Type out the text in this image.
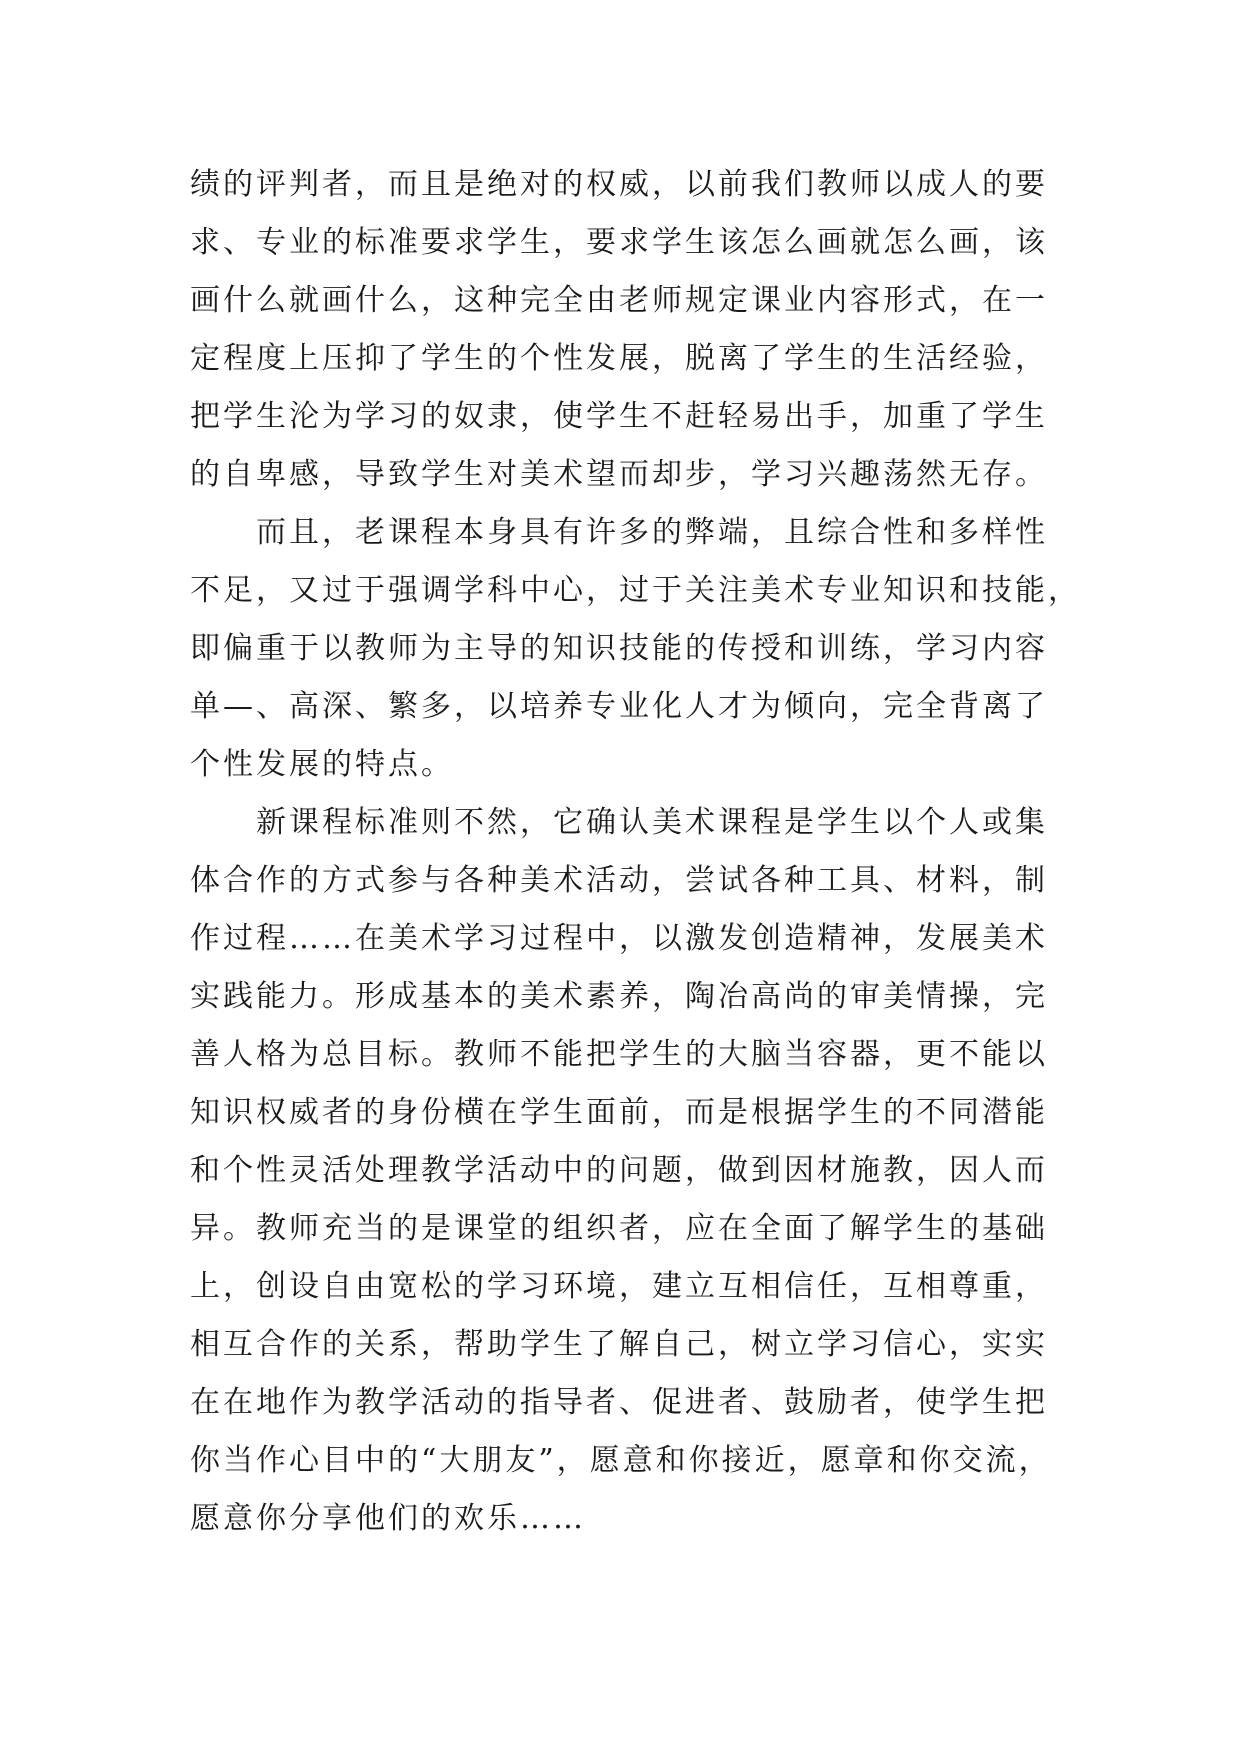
绩的评判者，而且是绝对的权威，以前我们教师以成人的要
求、专业的标准要求学生，要求学生该怎么画就怎么画，该
画什么就画什么，这种完全由老师规定课业内容形式，在一
定程度上压抑了学生的个性发展，脱离了学生的生活经验，
把学生沦为学习的奴隶，使学生不赶轻易出手，加重了学生
的自卑感，导致学生对美术望而却步，学习兴趣荡然无存。
而且，老课程本身具有许多的弊端，且综合性和多样性
不足，又过于强调学科中心，过于关注美术专业知识和技能，
即偏重于以教师为主导的知识技能的传授和训练，学习内容
单—、高深、繁多，以培养专业化人才为倾向，完全背离了
个性发展的特点。
新课程标准则不然，它确认美术课程是学生以个人或集
体合作的方式参与各种美术活动，尝试各种工具、材料，制
作过程……在美术学习过程中，以激发创造精神，发展美术
实践能力。形成基本的美术素养，陶冶高尚的审美情操，完
善人格为总目标。教师不能把学生的大脑当容器，更不能以
知识权威者的身份横在学生面前，而是根据学生的不同潜能
和个性灵活处理教学活动中的问题，做到因材施教，因人而
异。教师充当的是课堂的组织者，应在全面了解学生的基础
上，创设自由宽松的学习环境，建立互相信任，互相尊重，
相互合作的关系，帮助学生了解自己，树立学习信心，实实
在在地作为教学活动的指导者、促进者、鼓励者，使学生把
你当作心目中的“大朋友”，愿意和你接近，愿章和你交流，
愿意你分享他们的欢乐……
